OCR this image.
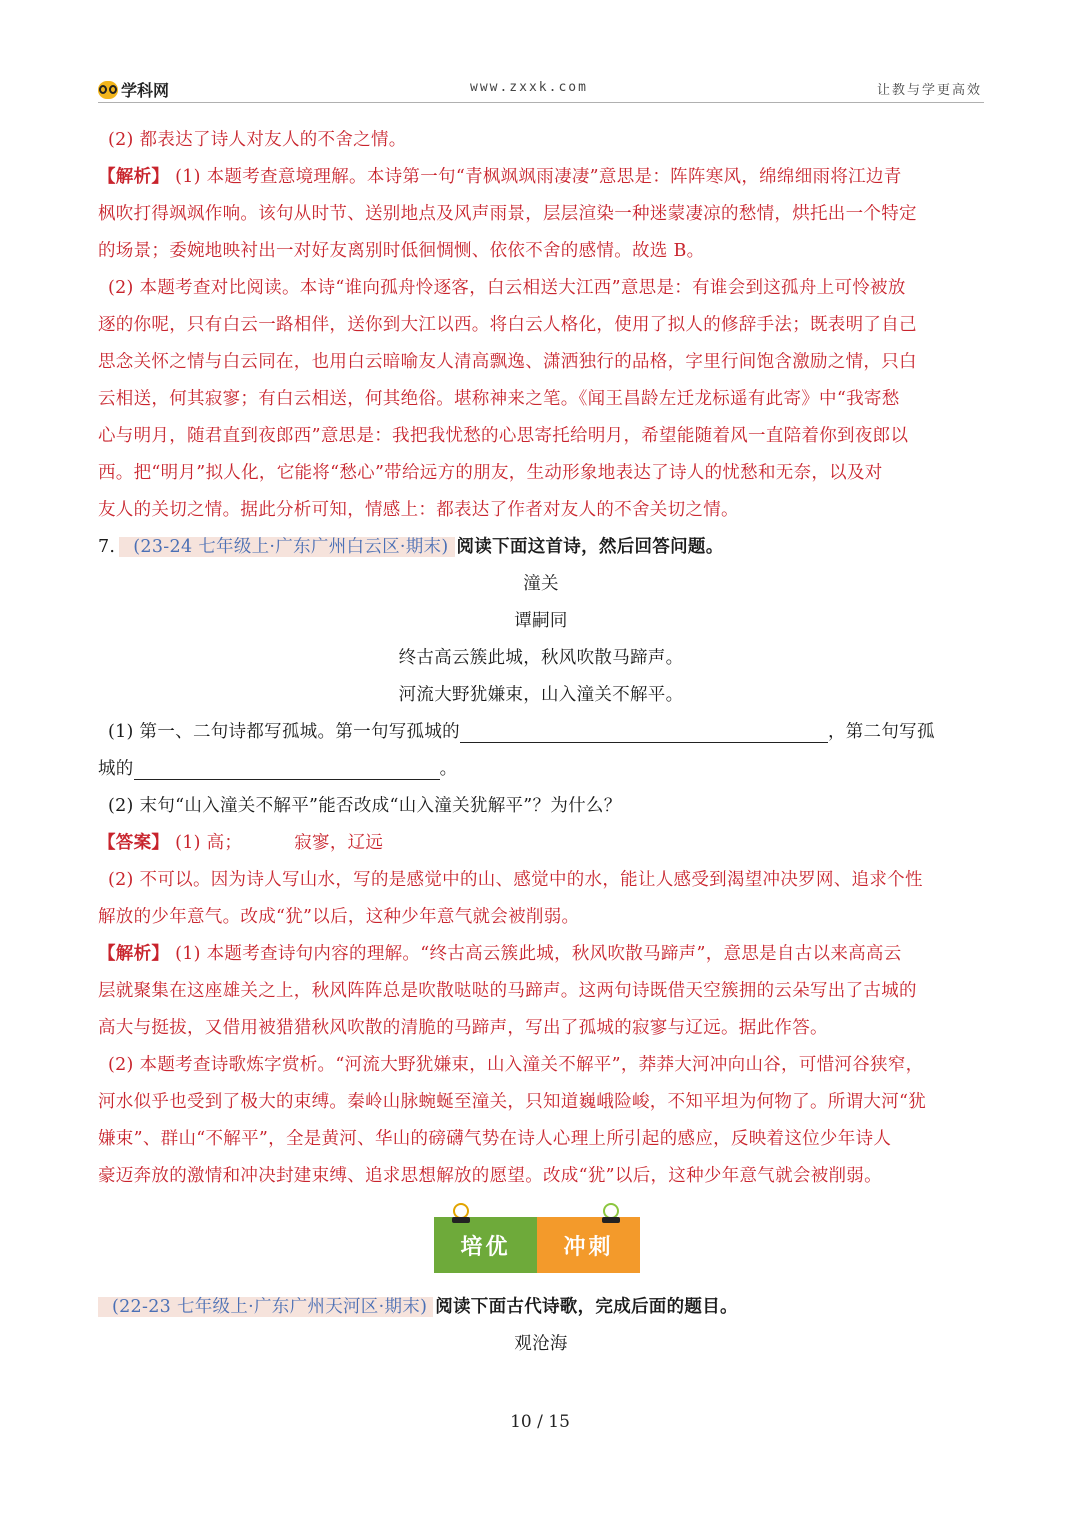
学科网	www.zxxk.com	让教与学更高效
(2) 都表达了诗人对友人的不舍之情。
【解析】 (1) 本题考查意境理解。本诗第一句“青枫飒飒雨凄凄”意思是：阵阵寒风，绵绵细雨将江边青
枫吹打得飒飒作响。该句从时节、送别地点及风声雨景，层层渲染一种迷蒙凄凉的愁情，烘托出一个特定
的场景；委婉地映衬出一对好友离别时低徊惆恻、依依不舍的感情。故选 B。
(2) 本题考查对比阅读。本诗“谁向孤舟怜逐客，白云相送大江西”意思是：有谁会到这孤舟上可怜被放
逐的你呢，只有白云一路相伴，送你到大江以西。将白云人格化，使用了拟人的修辞手法；既表明了自己
思念关怀之情与白云同在，也用白云暗喻友人清高飘逸、潇洒独行的品格，字里行间饱含激励之情，只白
云相送，何其寂寥；有白云相送，何其绝俗。堪称神来之笔。《闻王昌龄左迁龙标遥有此寄》中“我寄愁
心与明月，随君直到夜郎西”意思是：我把我忧愁的心思寄托给明月，希望能随着风一直陪着你到夜郎以
西。把“明月”拟人化，它能将“愁心”带给远方的朋友，生动形象地表达了诗人的忧愁和无奈，以及对
友人的关切之情。据此分析可知，情感上：都表达了作者对友人的不舍关切之情。
7. (23-24 七年级上·广东广州白云区·期末) 阅读下面这首诗，然后回答问题。
潼关
谭嗣同
终古高云簇此城，秋风吹散马蹄声。
河流大野犹嫌束，山入潼关不解平。
(1) 第一、二句诗都写孤城。第一句写孤城的	，第二句写孤
城的	。
(2) 末句“山入潼关不解平”能否改成“山入潼关犹解平”？为什么？
【答案】 (1) 高；	寂寥，辽远
(2) 不可以。因为诗人写山水，写的是感觉中的山、感觉中的水，能让人感受到渴望冲决罗网、追求个性
解放的少年意气。改成“犹”以后，这种少年意气就会被削弱。
【解析】 (1) 本题考查诗句内容的理解。“终古高云簇此城，秋风吹散马蹄声”，意思是自古以来高高云
层就聚集在这座雄关之上，秋风阵阵总是吹散哒哒的马蹄声。这两句诗既借天空簇拥的云朵写出了古城的
高大与挺拔，又借用被猎猎秋风吹散的清脆的马蹄声，写出了孤城的寂寥与辽远。据此作答。
(2) 本题考查诗歌炼字赏析。“河流大野犹嫌束，山入潼关不解平”，莽莽大河冲向山谷，可惜河谷狭窄，
河水似乎也受到了极大的束缚。秦岭山脉蜿蜒至潼关，只知道巍峨险峻，不知平坦为何物了。所谓大河“犹
嫌束”、群山“不解平”，全是黄河、华山的磅礴气势在诗人心理上所引起的感应，反映着这位少年诗人
豪迈奔放的激情和冲决封建束缚、追求思想解放的愿望。改成“犹”以后，这种少年意气就会被削弱。
培优	冲刺
(22-23 七年级上·广东广州天河区·期末) 阅读下面古代诗歌，完成后面的题目。
观沧海
10 / 15
